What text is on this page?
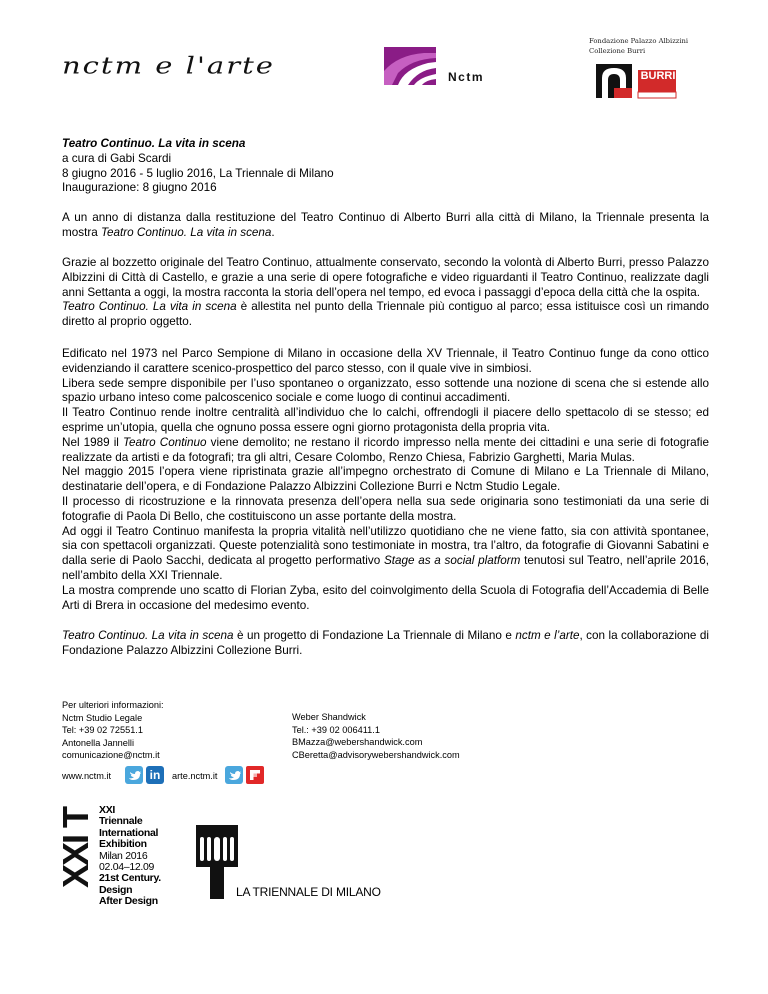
nctm e l'arte	Nctm
Fondazione Palazzo Albizzini
Collezione Burri
BURRI

Teatro Continuo. La vita in scena

a cura di Gabi Scardi

8 giugno 2016 - 5 luglio 2016, La Triennale di Milano

Inaugurazione: 8 giugno 2016

A un anno di distanza dalla restituzione del Teatro Continuo di Alberto Burri alla città di Milano, la Triennale presenta la mostra Teatro Continuo. La vita in scena.

Grazie al bozzetto originale del Teatro Continuo, attualmente conservato, secondo la volontà di Alberto Burri, presso Palazzo Albizzini di Città di Castello, e grazie a una serie di opere fotografiche e video riguardanti il Teatro Continuo, realizzate dagli anni Settanta a oggi, la mostra racconta la storia dell’opera nel tempo, ed evoca i passaggi d’epoca della città che la ospita.

Teatro Continuo. La vita in scena è allestita nel punto della Triennale più contiguo al parco; essa istituisce così un rimando diretto al proprio oggetto.

Edificato nel 1973 nel Parco Sempione di Milano in occasione della XV Triennale, il Teatro Continuo funge da cono ottico evidenziando il carattere scenico-prospettico del parco stesso, con il quale vive in simbiosi.

Libera sede sempre disponibile per l’uso spontaneo o organizzato, esso sottende una nozione di scena che si estende allo spazio urbano inteso come palcoscenico sociale e come luogo di continui accadimenti.

Il Teatro Continuo rende inoltre centralità all’individuo che lo calchi, offrendogli il piacere dello spettacolo di se stesso; ed esprime un’utopia, quella che ognuno possa essere ogni giorno protagonista della propria vita.

Nel 1989 il Teatro Continuo viene demolito; ne restano il ricordo impresso nella mente dei cittadini e una serie di fotografie realizzate da artisti e da fotografi; tra gli altri, Cesare Colombo, Renzo Chiesa, Fabrizio Garghetti, Maria Mulas.

Nel maggio 2015 l’opera viene ripristinata grazie all’impegno orchestrato di Comune di Milano e La Triennale di Milano, destinatarie dell’opera, e di Fondazione Palazzo Albizzini Collezione Burri e Nctm Studio Legale.

Il processo di ricostruzione e la rinnovata presenza dell’opera nella sua sede originaria sono testimoniati da una serie di fotografie di Paola Di Bello, che costituiscono un asse portante della mostra.

Ad oggi il Teatro Continuo manifesta la propria vitalità nell’utilizzo quotidiano che ne viene fatto, sia con attività spontanee, sia con spettacoli organizzati. Queste potenzialità sono testimoniate in mostra, tra l’altro, da fotografie di Giovanni Sabatini e dalla serie di Paolo Sacchi, dedicata al progetto performativo Stage as a social platform tenutosi sul Teatro, nell’aprile 2016, nell’ambito della XXI Triennale.

La mostra comprende uno scatto di Florian Zyba, esito del coinvolgimento della Scuola di Fotografia dell’Accademia di Belle Arti di Brera in occasione del medesimo evento.

Teatro Continuo. La vita in scena è un progetto di Fondazione La Triennale di Milano e nctm e l’arte, con la collaborazione di Fondazione Palazzo Albizzini Collezione Burri.

Per ulteriori informazioni:

Nctm Studio Legale

Tel: +39 02 72551.1

Antonella Jannelli

comunicazione@nctm.it

Weber Shandwick

Tel.: +39 02 006411.1

BMazza@webershandwick.com

CBeretta@advisorywebershandwick.com

www.nctm.it	in	arte.nctm.it
XXI T XXI
Triennale
International
Exhibition
Milan 2016
02.04–12.09
21st Century.
Design
After Design
LA TRIENNALE DI MILANO
